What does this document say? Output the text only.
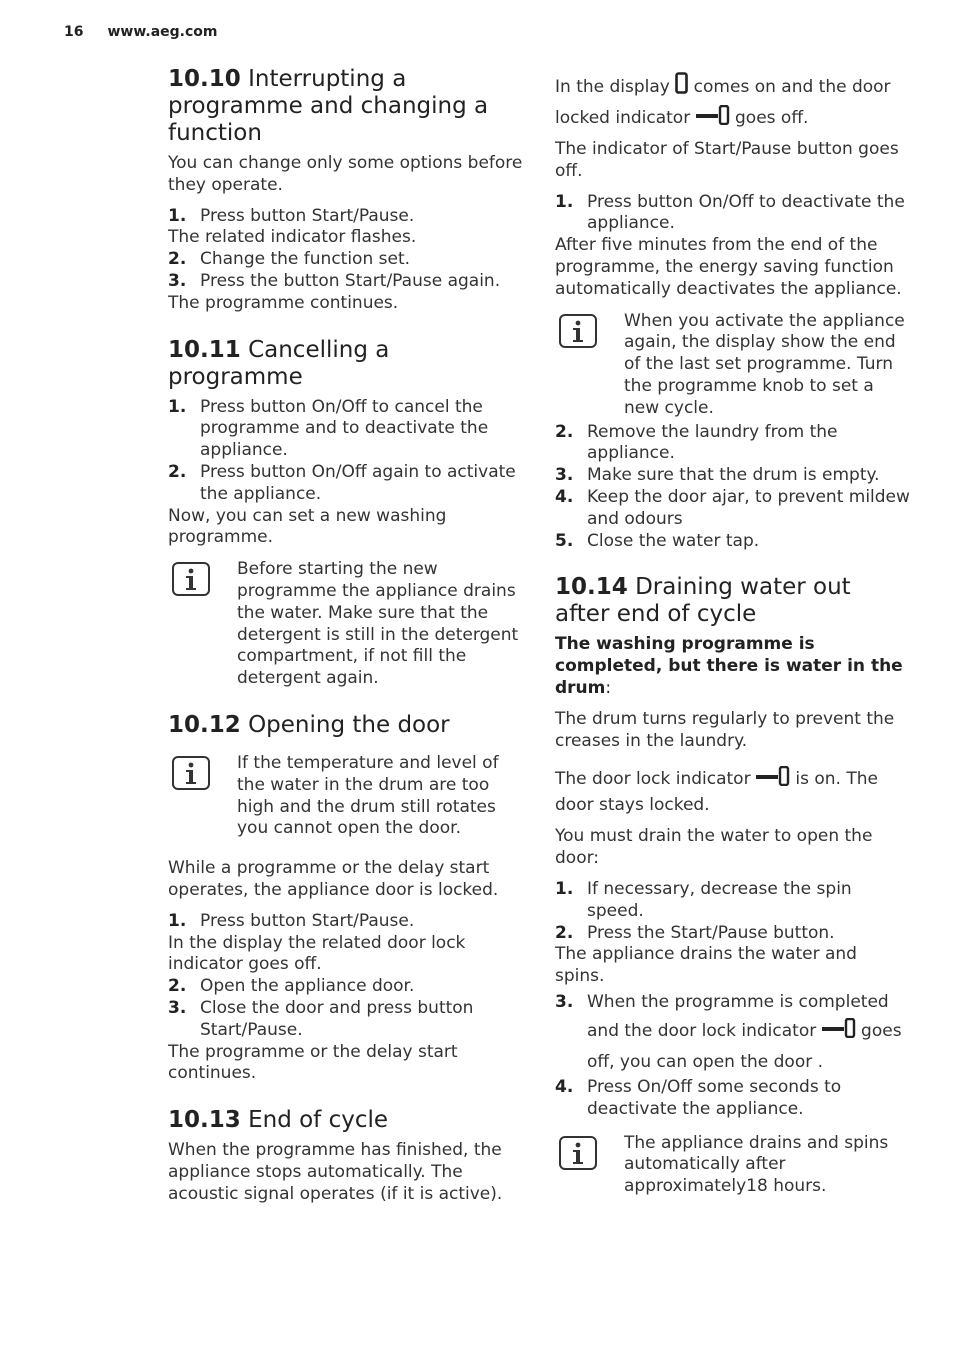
16 www.aeg.com
10.10 Interrupting a programme and changing a function

You can change only some options before they operate.

1. Press button Start/Pause.

The related indicator flashes.

2. Change the function set.
3. Press the button Start/Pause again.

The programme continues.

10.11 Cancelling a programme
1. Press button On/Off to cancel the programme and to deactivate the appliance.
2. Press button On/Off again to activate the appliance.

Now, you can set a new washing programme.

Before starting the new programme the appliance drains the water. Make sure that the detergent is still in the detergent compartment, if not fill the detergent again.

10.12 Opening the door

If the temperature and level of the water in the drum are too high and the drum still rotates you cannot open the door.

While a programme or the delay start operates, the appliance door is locked.

1. Press button Start/Pause.

In the display the related door lock indicator goes off.

2. Open the appliance door.
3. Close the door and press button Start/Pause.

The programme or the delay start continues.

10.13 End of cycle

When the programme has finished, the appliance stops automatically. The acoustic signal operates (if it is active).

In the display comes on and the door locked indicator	goes off.

The indicator of Start/Pause button goes off.

1. Press button On/Off to deactivate the appliance.

After five minutes from the end of the programme, the energy saving function automatically deactivates the appliance.

When you activate the appliance again, the display show the end of the last set programme. Turn the programme knob to set a new cycle.

2. Remove the laundry from the appliance.
3. Make sure that the drum is empty.
4. Keep the door ajar, to prevent mildew and odours
5. Close the water tap.
10.14 Draining water out after end of cycle

The washing programme is completed, but there is water in the drum:

The drum turns regularly to prevent the creases in the laundry.

The door lock indicator	is on. The door stays locked.

You must drain the water to open the door:

1. If necessary, decrease the spin speed.
2. Press the Start/Pause button.

The appliance drains the water and spins.

3. When the programme is completed and the door lock indicator	goes off, you can open the door .
4. Press On/Off some seconds to deactivate the appliance.

The appliance drains and spins automatically after approximately18 hours.
